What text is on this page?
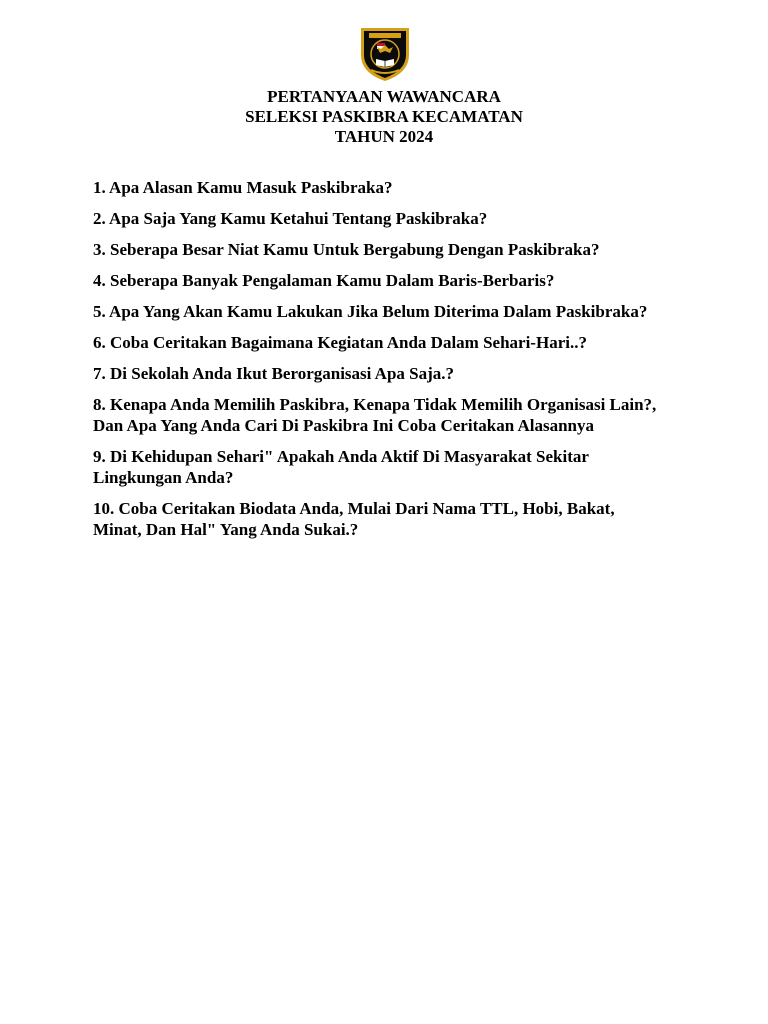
PERTANYAAN WAWANCARA
SELEKSI PASKIBRA KECAMATAN
TAHUN 2024
1. Apa Alasan Kamu Masuk Paskibraka?
2. Apa Saja Yang Kamu Ketahui Tentang Paskibraka?
3. Seberapa Besar Niat Kamu Untuk Bergabung Dengan Paskibraka?
4. Seberapa Banyak Pengalaman Kamu Dalam Baris-Berbaris?
5. Apa Yang Akan Kamu Lakukan Jika Belum Diterima Dalam Paskibraka?
6. Coba Ceritakan Bagaimana Kegiatan Anda Dalam Sehari-Hari..?
7. Di Sekolah Anda Ikut Berorganisasi Apa Saja.?
8. Kenapa Anda Memilih Paskibra, Kenapa Tidak Memilih Organisasi Lain?, Dan Apa Yang Anda Cari Di Paskibra Ini Coba Ceritakan Alasannya
9. Di Kehidupan Sehari" Apakah Anda Aktif Di Masyarakat Sekitar Lingkungan Anda?
10. Coba Ceritakan Biodata Anda, Mulai Dari Nama TTL, Hobi, Bakat, Minat, Dan Hal" Yang Anda Sukai.?
